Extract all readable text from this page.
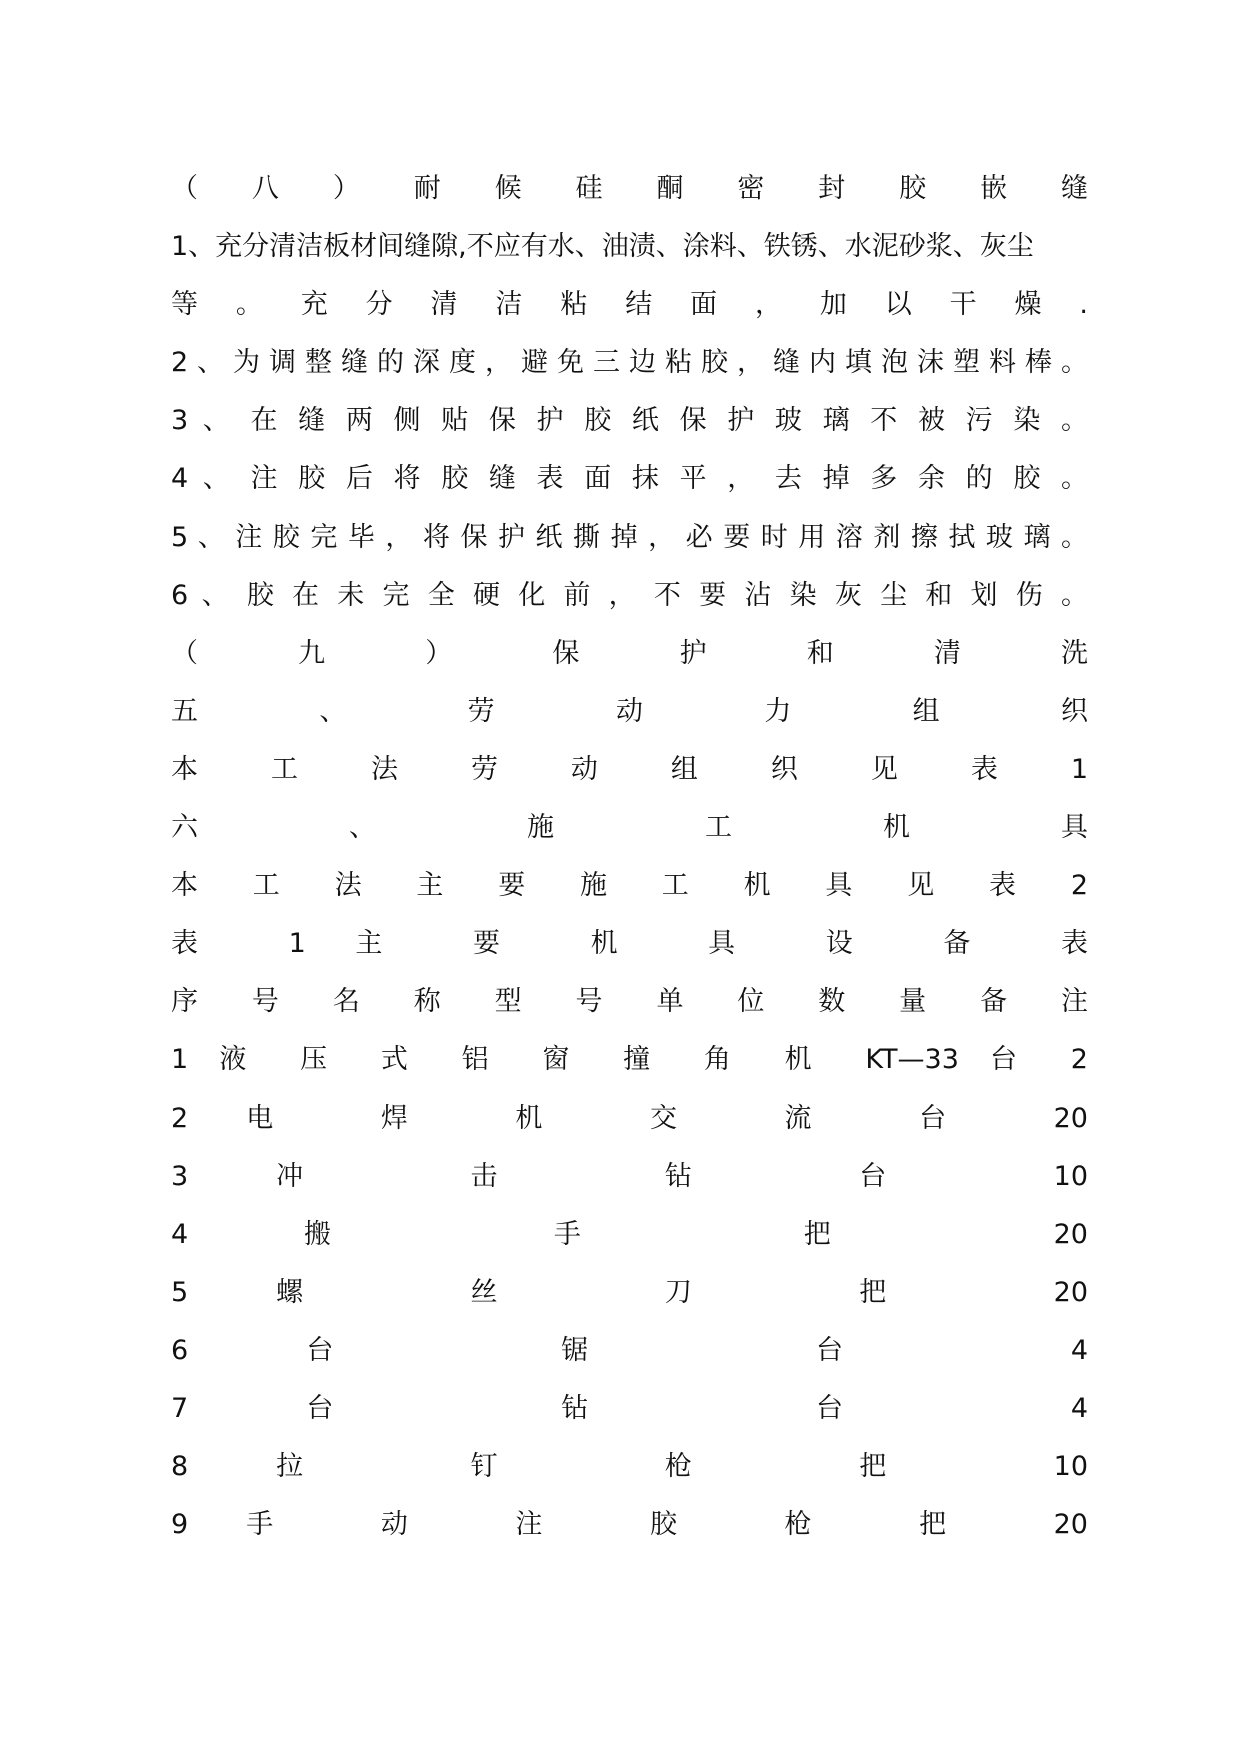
（ 八 ） 耐 候 硅 酮 密 封 胶 嵌 缝
1、充分清洁板材间缝隙,不应有水、油渍、涂料、铁锈、水泥砂浆、灰尘
等 。 充 分 清 洁 粘 结 面 ， 加 以 干 燥 .
2 、 为 调 整 缝 的 深 度 ， 避 免 三 边 粘 胶 ， 缝 内 填 泡 沫 塑 料 棒 。
3 、 在 缝 两 侧 贴 保 护 胶 纸 保 护 玻 璃 不 被 污 染 。
4 、 注 胶 后 将 胶 缝 表 面 抹 平 ， 去 掉 多 余 的 胶 。
5 、 注 胶 完 毕 ， 将 保 护 纸 撕 掉 ， 必 要 时 用 溶 剂 擦 拭 玻 璃 。
6 、 胶 在 未 完 全 硬 化 前 ， 不 要 沾 染 灰 尘 和 划 伤 。
（ 九 ） 保 护 和 清 洗
五 、 劳 动 力 组 织
本 工 法 劳 动 组 织 见 表 1
六 、 施 工 机 具
本 工 法 主 要 施 工 机 具 见 表 2
表 1 主 要 机 具 设 备 表
序 号 名 称 型 号 单 位 数 量 备 注
1 液 压 式 铝 窗 撞 角 机 KT—33 台 2
2 电 焊 机 交 流 台 20
3 冲 击 钻 台 10
4 搬 手 把 20
5 螺 丝 刀 把 20
6 台 锯 台 4
7 台 钻 台 4
8 拉 钉 枪 把 10
9 手 动 注 胶 枪 把 20
